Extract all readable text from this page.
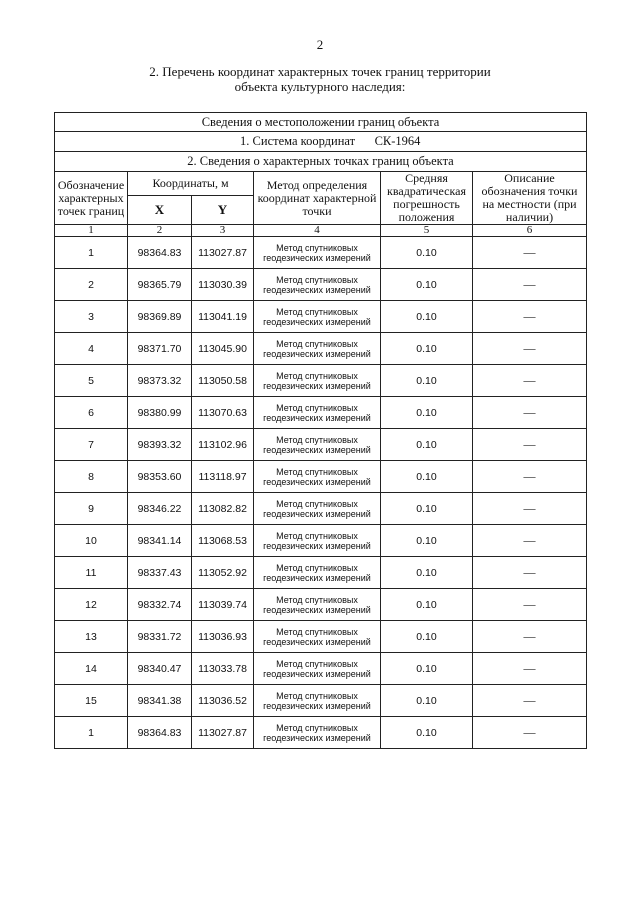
2
2. Перечень координат характерных точек границ территории
объекта культурного наследия:
Сведения о местоположении границ объекта					
1. Система координат СК-1964					
2. Сведения о характерных точках границ объекта					
Обозначение характерных точек границ	Координаты, м		Метод определения координат характерной точки	Средняя квадратическая погрешность положения	Описание обозначения точки на местности (при наличии)
	X	Y			
1	2	3	4	5	6
1	98364.83	113027.87	Метод спутниковых геодезических измерений	0.10	—
2	98365.79	113030.39	Метод спутниковых геодезических измерений	0.10	—
3	98369.89	113041.19	Метод спутниковых геодезических измерений	0.10	—
4	98371.70	113045.90	Метод спутниковых геодезических измерений	0.10	—
5	98373.32	113050.58	Метод спутниковых геодезических измерений	0.10	—
6	98380.99	113070.63	Метод спутниковых геодезических измерений	0.10	—
7	98393.32	113102.96	Метод спутниковых геодезических измерений	0.10	—
8	98353.60	113118.97	Метод спутниковых геодезических измерений	0.10	—
9	98346.22	113082.82	Метод спутниковых геодезических измерений	0.10	—
10	98341.14	113068.53	Метод спутниковых геодезических измерений	0.10	—
11	98337.43	113052.92	Метод спутниковых геодезических измерений	0.10	—
12	98332.74	113039.74	Метод спутниковых геодезических измерений	0.10	—
13	98331.72	113036.93	Метод спутниковых геодезических измерений	0.10	—
14	98340.47	113033.78	Метод спутниковых геодезических измерений	0.10	—
15	98341.38	113036.52	Метод спутниковых геодезических измерений	0.10	—
1	98364.83	113027.87	Метод спутниковых геодезических измерений	0.10	—
